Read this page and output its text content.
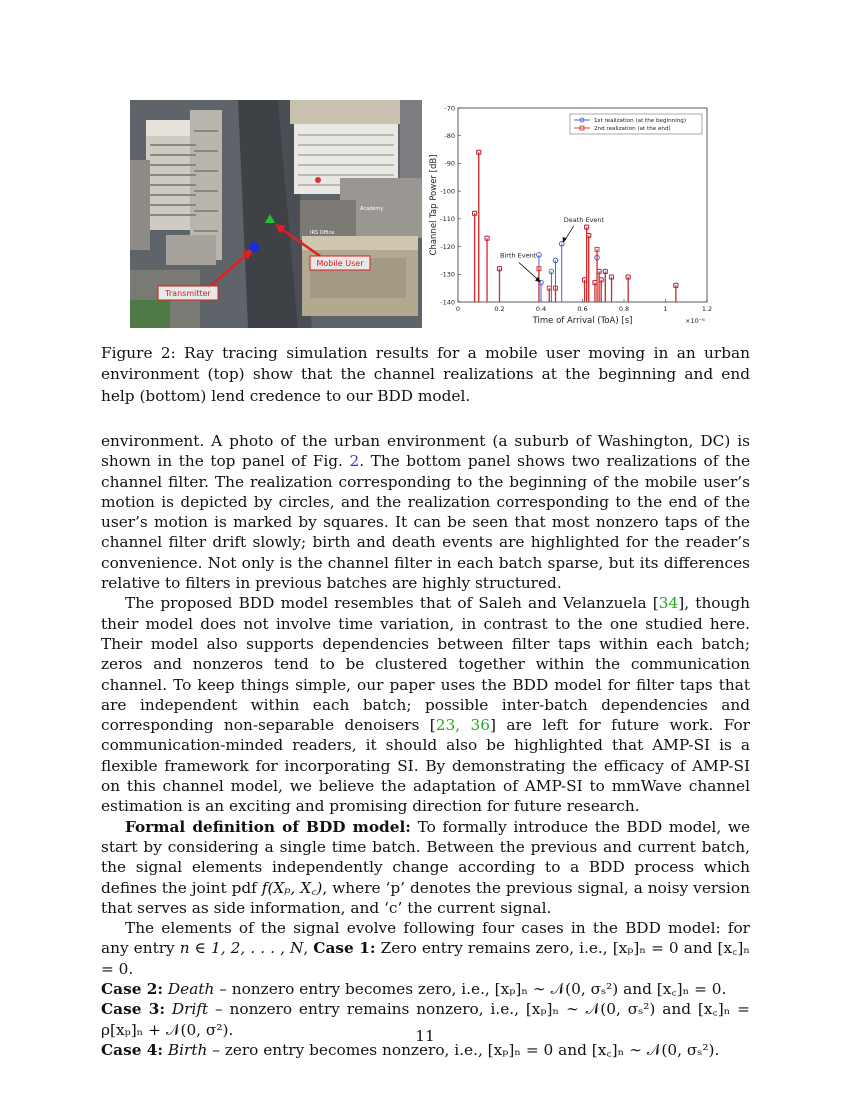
Academy
IRS Office
Transmitter
Mobile User
0	0.2	0.4	0.6	0.8	1	1.2
-70
-80
-90
-100
-110
-120
-130
-140
Death Event
Birth Event
1st realization (at the beginning)
2nd realization (at the end)
Time of Arrival (ToA) [s]
Channel Tap Power [dB]
×10⁻⁶
Figure 2: Ray tracing simulation results for a mobile user moving in an urban environment (top) show that the channel realizations at the beginning and end help (bottom) lend credence to our BDD model.

environment. A photo of the urban environment (a suburb of Washington, DC) is shown in the top panel of Fig. 2. The bottom panel shows two realizations of the channel filter. The realization corresponding to the beginning of the mobile user’s motion is depicted by circles, and the realization corresponding to the end of the user’s motion is marked by squares. It can be seen that most nonzero taps of the channel filter drift slowly; birth and death events are highlighted for the reader’s convenience. Not only is the channel filter in each batch sparse, but its differences relative to filters in previous batches are highly structured.

The proposed BDD model resembles that of Saleh and Velanzuela [34], though their model does not involve time variation, in contrast to the one studied here. Their model also supports dependencies between filter taps within each batch; zeros and nonzeros tend to be clustered together within the communication channel. To keep things simple, our paper uses the BDD model for filter taps that are independent within each batch; possible inter-batch dependencies and corresponding non-separable denoisers [23, 36] are left for future work. For communication-minded readers, it should also be highlighted that AMP-SI is a flexible framework for incorporating SI. By demonstrating the efficacy of AMP-SI on this channel model, we believe the adaptation of AMP-SI to mmWave channel estimation is an exciting and promising direction for future research.

Formal definition of BDD model: To formally introduce the BDD model, we start by considering a single time batch. Between the previous and current batch, the signal elements independently change according to a BDD process which defines the joint pdf f(Xₚ, X꜀), where ‘p’ denotes the previous signal, a noisy version that serves as side information, and ‘c’ the current signal.

The elements of the signal evolve following four cases in the BDD model: for any entry n ∈ 1, 2, . . . , N, Case 1: Zero entry remains zero, i.e., [xₚ]ₙ = 0 and [x꜀]ₙ = 0.

Case 2: Death – nonzero entry becomes zero, i.e., [xₚ]ₙ ∼ 𝒩(0, σₛ²) and [x꜀]ₙ = 0.

Case 3: Drift – nonzero entry remains nonzero, i.e., [xₚ]ₙ ∼ 𝒩(0, σₛ²) and [x꜀]ₙ = ρ[xₚ]ₙ + 𝒩(0, σ²).

Case 4: Birth – zero entry becomes nonzero, i.e., [xₚ]ₙ = 0 and [x꜀]ₙ ∼ 𝒩(0, σₛ²).

11
